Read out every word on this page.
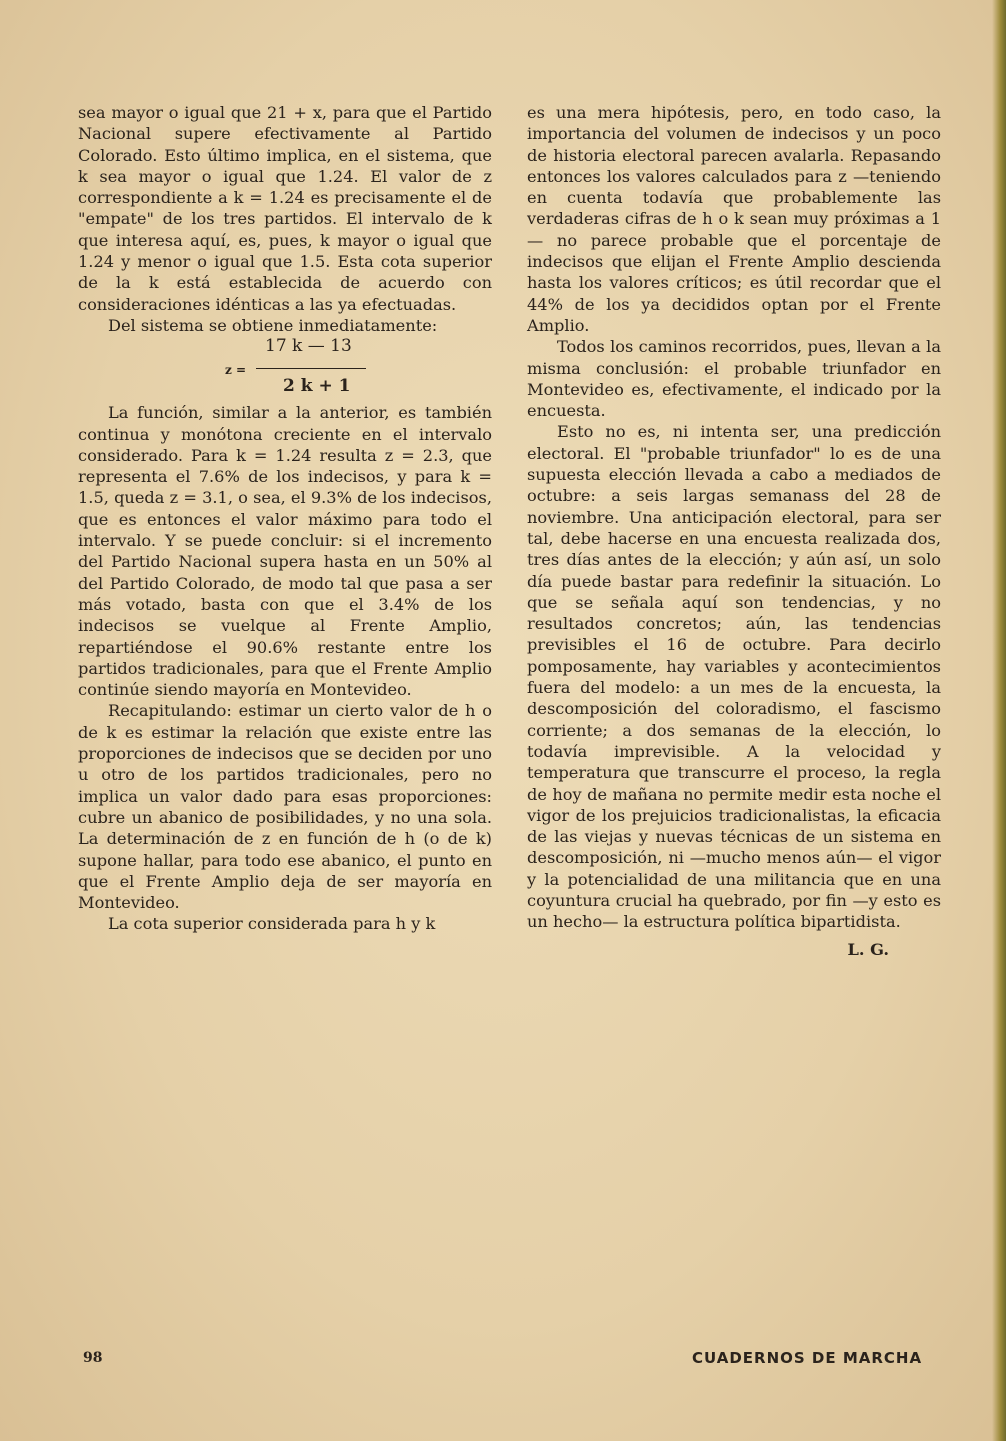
sea mayor o igual que 21 + x, para que el Partido Nacional supere efectivamente al Partido Colorado. Esto último implica, en el sistema, que k sea mayor o igual que 1.24. El valor de z correspondiente a k = 1.24 es precisamente el de "empate" de los tres partidos. El intervalo de k que interesa aquí, es, pues, k mayor o igual que 1.24 y menor o igual que 1.5. Esta cota superior de la k está establecida de acuerdo con consideraciones idénticas a las ya efectuadas.

Del sistema se obtiene inmediatamente:

17 k — 13
z =
2 k + 1

La función, similar a la anterior, es también continua y monótona creciente en el intervalo considerado. Para k = 1.24 resulta z = 2.3, que representa el 7.6% de los indecisos, y para k = 1.5, queda z = 3.1, o sea, el 9.3% de los indecisos, que es entonces el valor máximo para todo el intervalo. Y se puede concluir: si el incremento del Partido Nacional supera hasta en un 50% al del Partido Colorado, de modo tal que pasa a ser más votado, basta con que el 3.4% de los indecisos se vuelque al Frente Amplio, repartiéndose el 90.6% restante entre los partidos tradicionales, para que el Frente Amplio continúe siendo mayoría en Montevideo.

Recapitulando: estimar un cierto valor de h o de k es estimar la relación que existe entre las proporciones de indecisos que se deciden por uno u otro de los partidos tradicionales, pero no implica un valor dado para esas proporciones: cubre un abanico de posibilidades, y no una sola. La determinación de z en función de h (o de k) supone hallar, para todo ese abanico, el punto en que el Frente Amplio deja de ser mayoría en Montevideo.

La cota superior considerada para h y k

es una mera hipótesis, pero, en todo caso, la importancia del volumen de indecisos y un poco de historia electoral parecen avalarla. Repasando entonces los valores calculados para z —teniendo en cuenta todavía que probablemente las verdaderas cifras de h o k sean muy próximas a 1— no parece probable que el porcentaje de indecisos que elijan el Frente Amplio descienda hasta los valores críticos; es útil recordar que el 44% de los ya decididos optan por el Frente Amplio.

Todos los caminos recorridos, pues, llevan a la misma conclusión: el probable triunfador en Montevideo es, efectivamente, el indicado por la encuesta.

Esto no es, ni intenta ser, una predicción electoral. El "probable triunfador" lo es de una supuesta elección llevada a cabo a mediados de octubre: a seis largas semanass del 28 de noviembre. Una anticipación electoral, para ser tal, debe hacerse en una encuesta realizada dos, tres días antes de la elección; y aún así, un solo día puede bastar para redefinir la situación. Lo que se señala aquí son tendencias, y no resultados concretos; aún, las tendencias previsibles el 16 de octubre. Para decirlo pomposamente, hay variables y acontecimientos fuera del modelo: a un mes de la encuesta, la descomposición del coloradismo, el fascismo corriente; a dos semanas de la elección, lo todavía imprevisible. A la velocidad y temperatura que transcurre el proceso, la regla de hoy de mañana no permite medir esta noche el vigor de los prejuicios tradicionalistas, la eficacia de las viejas y nuevas técnicas de un sistema en descomposición, ni —mucho menos aún— el vigor y la potencialidad de una militancia que en una coyuntura crucial ha quebrado, por fin —y esto es un hecho— la estructura política bipartidista.

L. G.

98	CUADERNOS DE MARCHA
